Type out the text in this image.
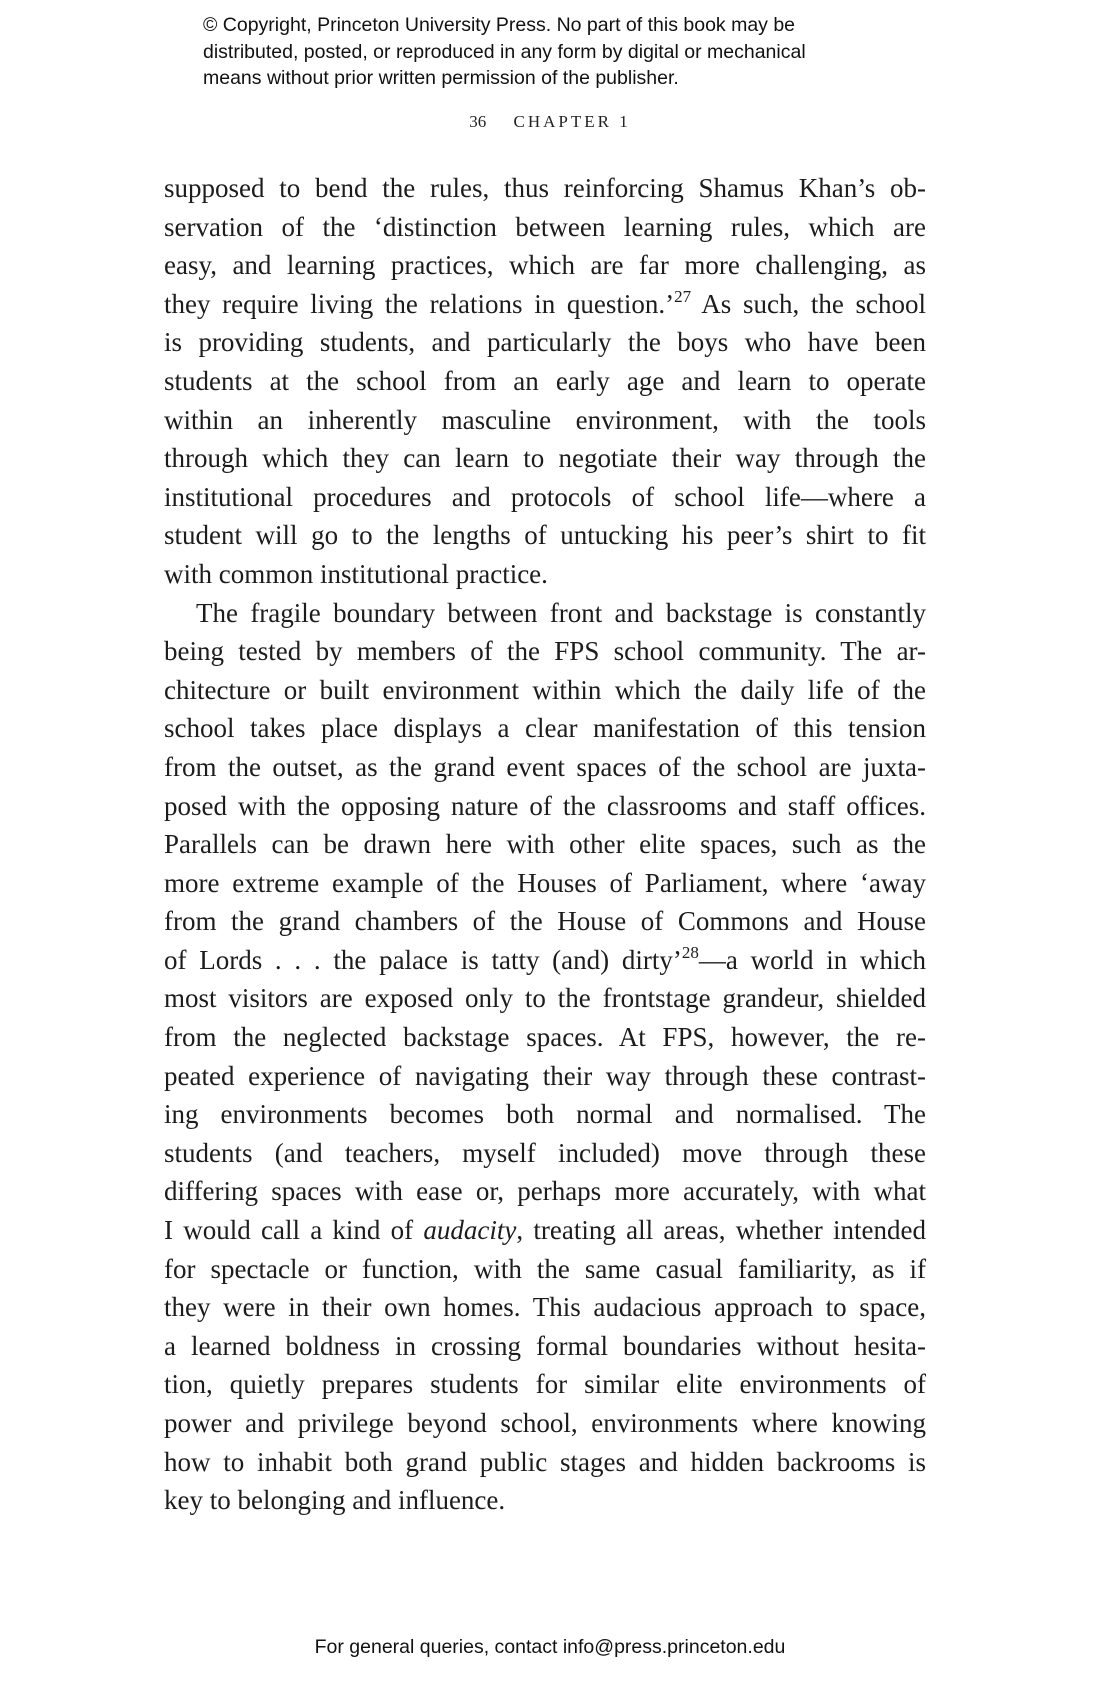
© Copyright, Princeton University Press. No part of this book may be
distributed, posted, or reproduced in any form by digital or mechanical
means without prior written permission of the publisher.
36 CHAPTER 1
supposed to bend the rules, thus reinforcing Shamus Khan’s ob-
servation of the ‘distinction between learning rules, which are
easy, and learning practices, which are far more challenging, as
they require living the relations in question.’$^{27}$ As such, the school
is providing students, and particularly the boys who have been
students at the school from an early age and learn to operate
within an inherently masculine environment, with the tools
through which they can learn to negotiate their way through the
institutional procedures and protocols of school life—where a
student will go to the lengths of untucking his peer’s shirt to fit
with common institutional practice.
The fragile boundary between front and backstage is constantly
being tested by members of the FPS school community. The ar-
chitecture or built environment within which the daily life of the
school takes place displays a clear manifestation of this tension
from the outset, as the grand event spaces of the school are juxta-
posed with the opposing nature of the classrooms and staff offices.
Parallels can be drawn here with other elite spaces, such as the
more extreme example of the Houses of Parliament, where ‘away
from the grand chambers of the House of Commons and House
of Lords . . . the palace is tatty (and) dirty’$^{28}$—a world in which
most visitors are exposed only to the frontstage grandeur, shielded
from the neglected backstage spaces. At FPS, however, the re-
peated experience of navigating their way through these contrast-
ing environments becomes both normal and normalised. The
students (and teachers, myself included) move through these
differing spaces with ease or, perhaps more accurately, with what
I would call a kind of audacity, treating all areas, whether intended
for spectacle or function, with the same casual familiarity, as if
they were in their own homes. This audacious approach to space,
a learned boldness in crossing formal boundaries without hesita-
tion, quietly prepares students for similar elite environments of
power and privilege beyond school, environments where knowing
how to inhabit both grand public stages and hidden backrooms is
key to belonging and influence.
For general queries, contact info@press.princeton.edu
